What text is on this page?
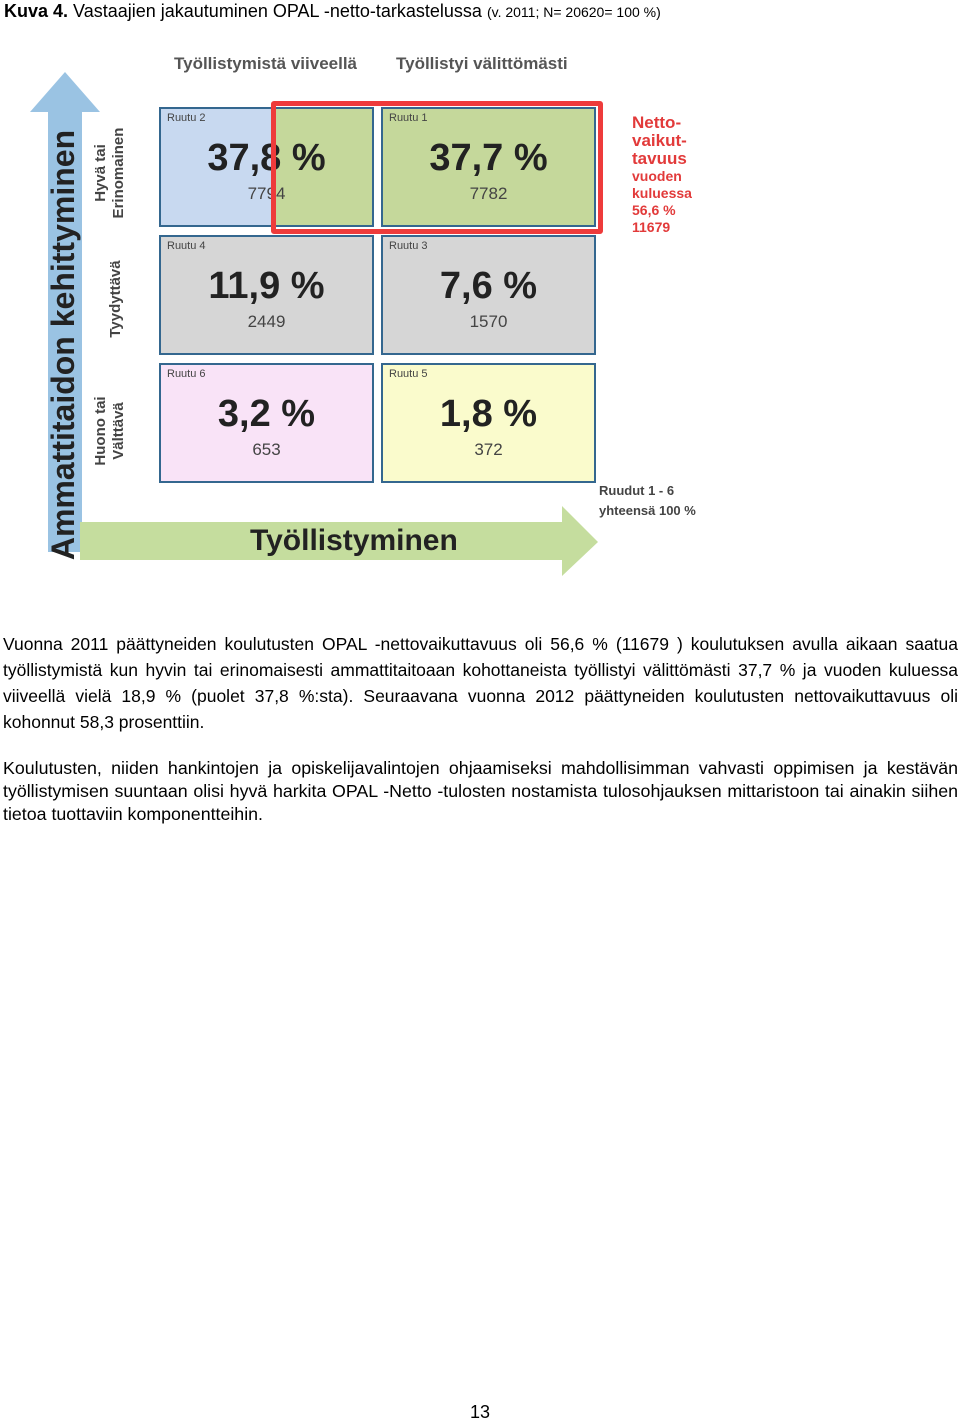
Kuva 4. Vastaajien jakautuminen OPAL -netto-tarkastelussa (v. 2011; N= 20620= 100 %)
Työllistymistä viiveellä Työllistyi välittömästi
Ammattitaidon kehittyminen Hyvä tai Erinomainen
Tyydyttävä
Huono tai Välttävä
Ruutu 2
37,8 %
7794
Ruutu 1
37,7 %
7782
Ruutu 4
11,9 %
2449
Ruutu 3
7,6 %
1570
Ruutu 6
3,2 %
653
Ruutu 5
1,8 %
372
Netto-
vaikut-
tavuus
vuoden
kuluessa
56,6 %
11679
Ruudut 1 - 6
yhteensä 100 %
Työllistyminen
Vuonna 2011 päättyneiden koulutusten OPAL -nettovaikuttavuus oli 56,6 % (11679 ) koulutuksen avulla aikaan saatua työllistymistä kun hyvin tai erinomaisesti ammattitaitoaan kohottaneista työllistyi välittömästi 37,7 % ja vuoden kuluessa viiveellä vielä 18,9 % (puolet 37,8 %:sta). Seuraavana vuonna 2012 päättyneiden koulutusten nettovaikuttavuus oli kohonnut 58,3 prosenttiin.
Koulutusten, niiden hankintojen ja opiskelijavalintojen ohjaamiseksi mahdollisimman vahvasti oppimisen ja kestävän työllistymisen suuntaan olisi hyvä harkita OPAL -Netto -tulosten nostamista tulosohjauksen mittaristoon tai ainakin siihen tietoa tuottaviin komponentteihin.
13
